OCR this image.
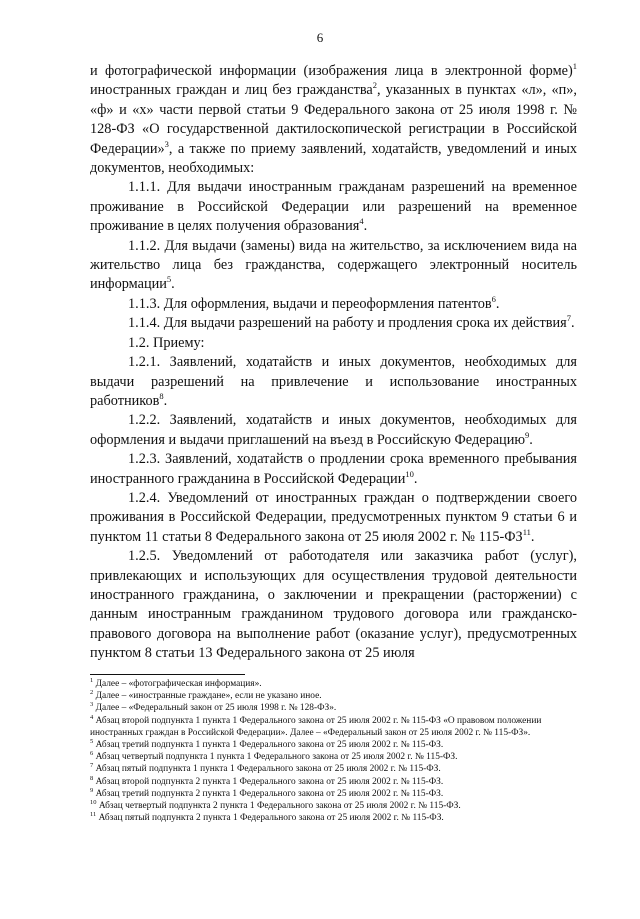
6

и фотографической информации (изображения лица в электронной форме)$^1$ иностранных граждан и лиц без гражданства$^2$, указанных в пунктах «л», «п», «ф» и «х» части первой статьи 9 Федерального закона от 25 июля 1998 г. № 128-ФЗ «О государственной дактилоскопической регистрации в Российской Федерации»$^3$, а также по приему заявлений, ходатайств, уведомлений и иных документов, необходимых:

1.1.1. Для выдачи иностранным гражданам разрешений на временное проживание в Российской Федерации или разрешений на временное проживание в целях получения образования$^4$.

1.1.2. Для выдачи (замены) вида на жительство, за исключением вида на жительство лица без гражданства, содержащего электронный носитель информации$^5$.

1.1.3. Для оформления, выдачи и переоформления патентов$^6$.

1.1.4. Для выдачи разрешений на работу и продления срока их действия$^7$.

1.2. Приему:

1.2.1. Заявлений, ходатайств и иных документов, необходимых для выдачи разрешений на привлечение и использование иностранных работников$^8$.

1.2.2. Заявлений, ходатайств и иных документов, необходимых для оформления и выдачи приглашений на въезд в Российскую Федерацию$^9$.

1.2.3. Заявлений, ходатайств о продлении срока временного пребывания иностранного гражданина в Российской Федерации$^{10}$.

1.2.4. Уведомлений от иностранных граждан о подтверждении своего проживания в Российской Федерации, предусмотренных пунктом 9 статьи 6 и пунктом 11 статьи 8 Федерального закона от 25 июля 2002 г. № 115-ФЗ$^{11}$.

1.2.5. Уведомлений от работодателя или заказчика работ (услуг), привлекающих и использующих для осуществления трудовой деятельности иностранного гражданина, о заключении и прекращении (расторжении) с данным иностранным гражданином трудового договора или гражданско-правового договора на выполнение работ (оказание услуг), предусмотренных пунктом 8 статьи 13 Федерального закона от 25 июля

$^1$ Далее – «фотографическая информация».

$^2$ Далее – «иностранные граждане», если не указано иное.

$^3$ Далее – «Федеральный закон от 25 июля 1998 г. № 128-ФЗ».

$^4$ Абзац второй подпункта 1 пункта 1 Федерального закона от 25 июля 2002 г. № 115-ФЗ «О правовом положении иностранных граждан в Российской Федерации». Далее – «Федеральный закон от 25 июля 2002 г. № 115-ФЗ».

$^5$ Абзац третий подпункта 1 пункта 1 Федерального закона от 25 июля 2002 г. № 115-ФЗ.

$^6$ Абзац четвертый подпункта 1 пункта 1 Федерального закона от 25 июля 2002 г. № 115-ФЗ.

$^7$ Абзац пятый подпункта 1 пункта 1 Федерального закона от 25 июля 2002 г. № 115-ФЗ.

$^8$ Абзац второй подпункта 2 пункта 1 Федерального закона от 25 июля 2002 г. № 115-ФЗ.

$^9$ Абзац третий подпункта 2 пункта 1 Федерального закона от 25 июля 2002 г. № 115-ФЗ.

$^{10}$ Абзац четвертый подпункта 2 пункта 1 Федерального закона от 25 июля 2002 г. № 115-ФЗ.

$^{11}$ Абзац пятый подпункта 2 пункта 1 Федерального закона от 25 июля 2002 г. № 115-ФЗ.
